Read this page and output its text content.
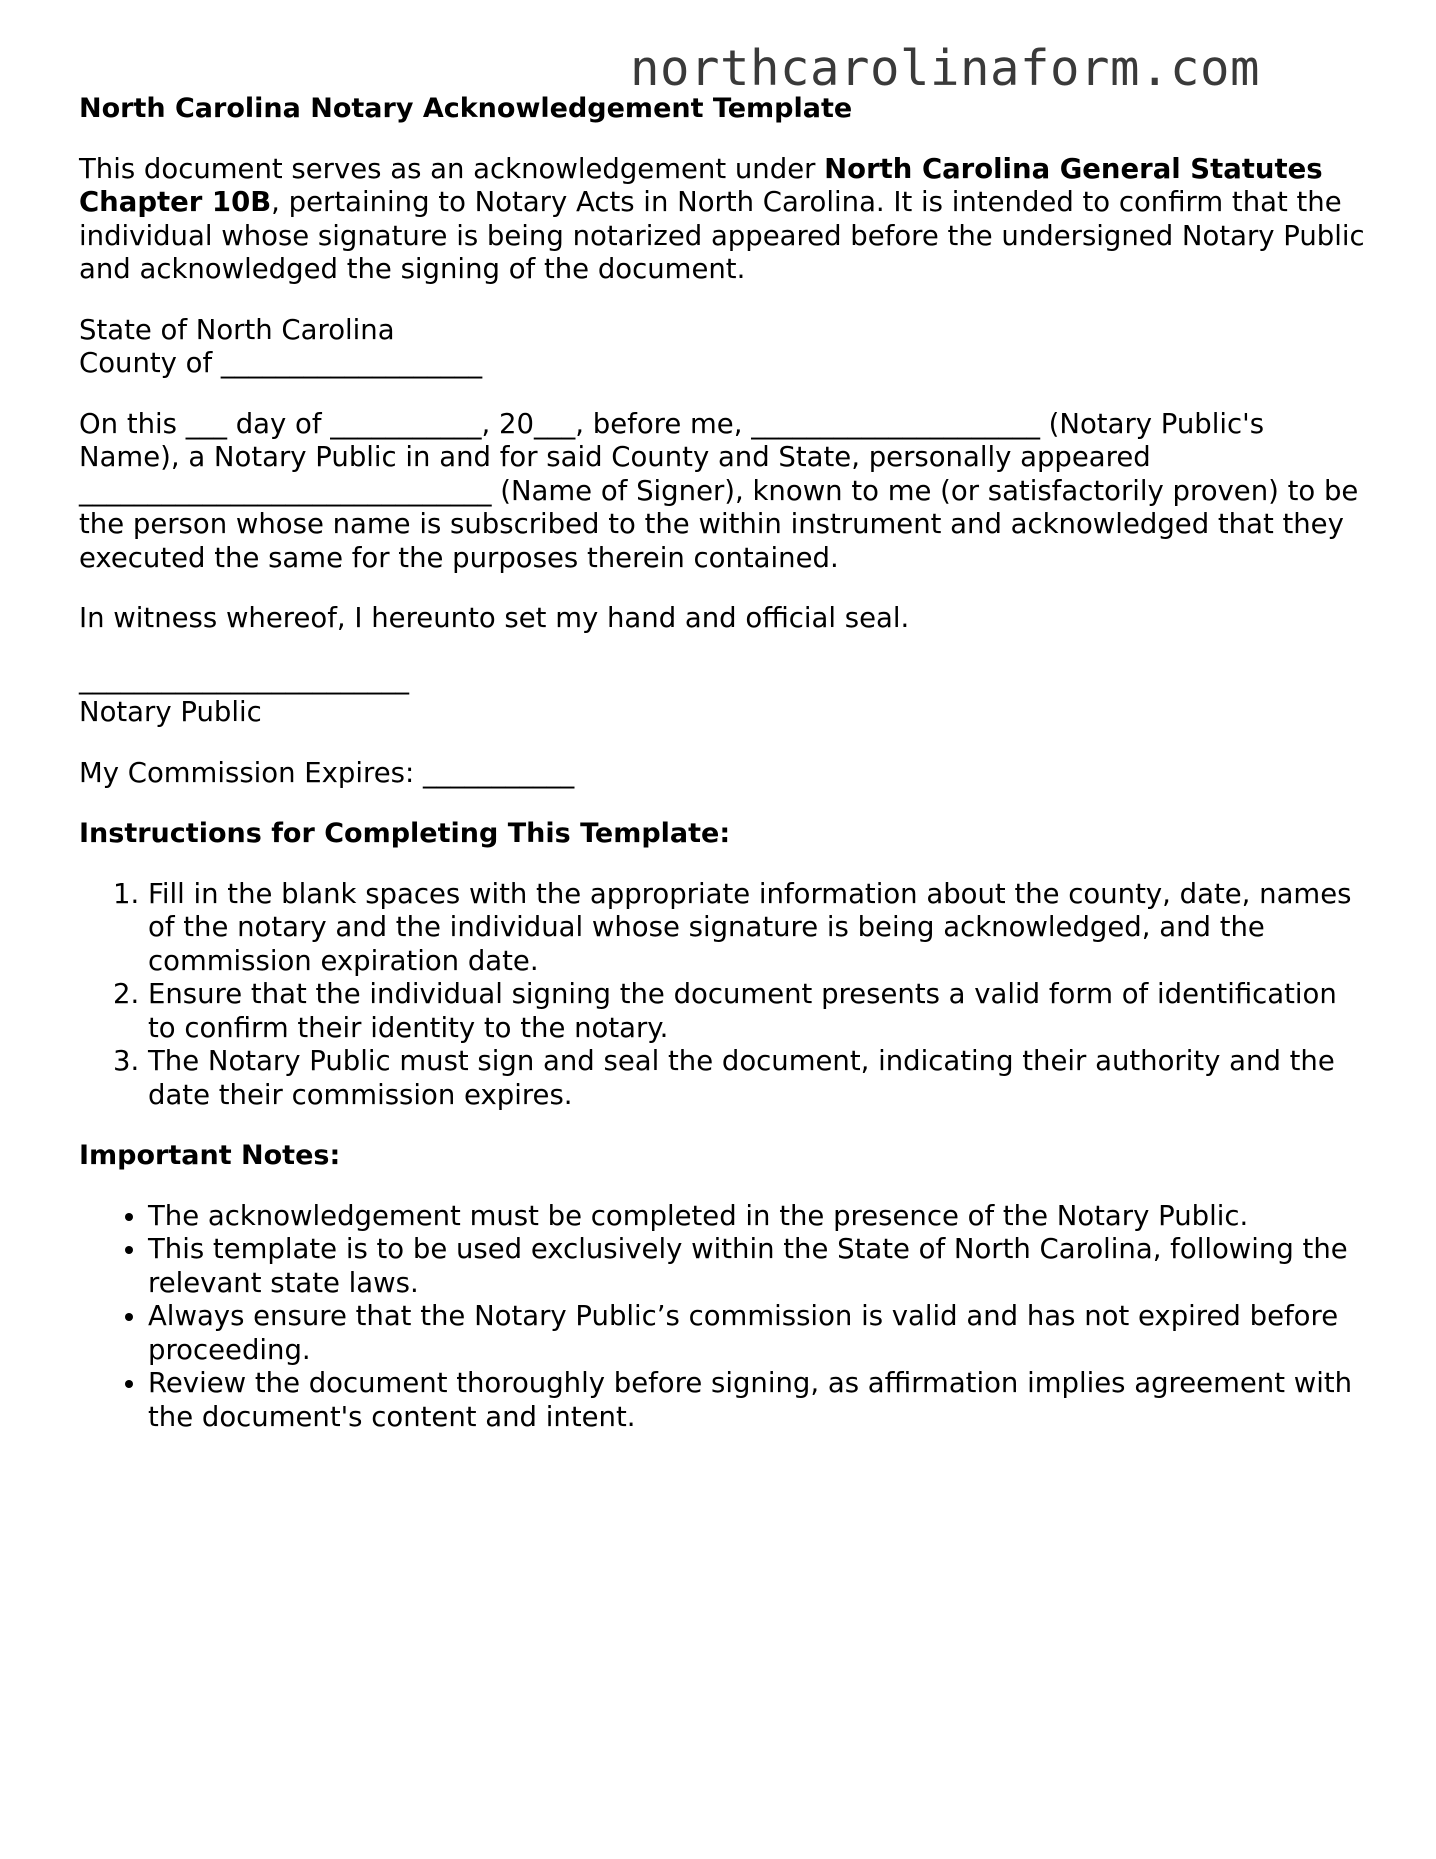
northcarolinaform.com
North Carolina Notary Acknowledgement Template

This document serves as an acknowledgement under North Carolina General Statutes Chapter 10B, pertaining to Notary Acts in North Carolina. It is intended to confirm that the individual whose signature is being notarized appeared before the undersigned Notary Public and acknowledged the signing of the document.

State of North Carolina
County of ___________________

On this ___ day of ___________, 20___, before me, _____________________ (Notary Public's Name), a Notary Public in and for said County and State, personally appeared ______________________________ (Name of Signer), known to me (or satisfactorily proven) to be the person whose name is subscribed to the within instrument and acknowledged that they executed the same for the purposes therein contained.

In witness whereof, I hereunto set my hand and official seal.

________________________
Notary Public

My Commission Expires: ___________

Instructions for Completing This Template:
1. Fill in the blank spaces with the appropriate information about the county, date, names of the notary and the individual whose signature is being acknowledged, and the commission expiration date.
2. Ensure that the individual signing the document presents a valid form of identification to confirm their identity to the notary.
3. The Notary Public must sign and seal the document, indicating their authority and the date their commission expires.
Important Notes:
• The acknowledgement must be completed in the presence of the Notary Public.
• This template is to be used exclusively within the State of North Carolina, following the relevant state laws.
• Always ensure that the Notary Public’s commission is valid and has not expired before proceeding.
• Review the document thoroughly before signing, as affirmation implies agreement with the document's content and intent.
